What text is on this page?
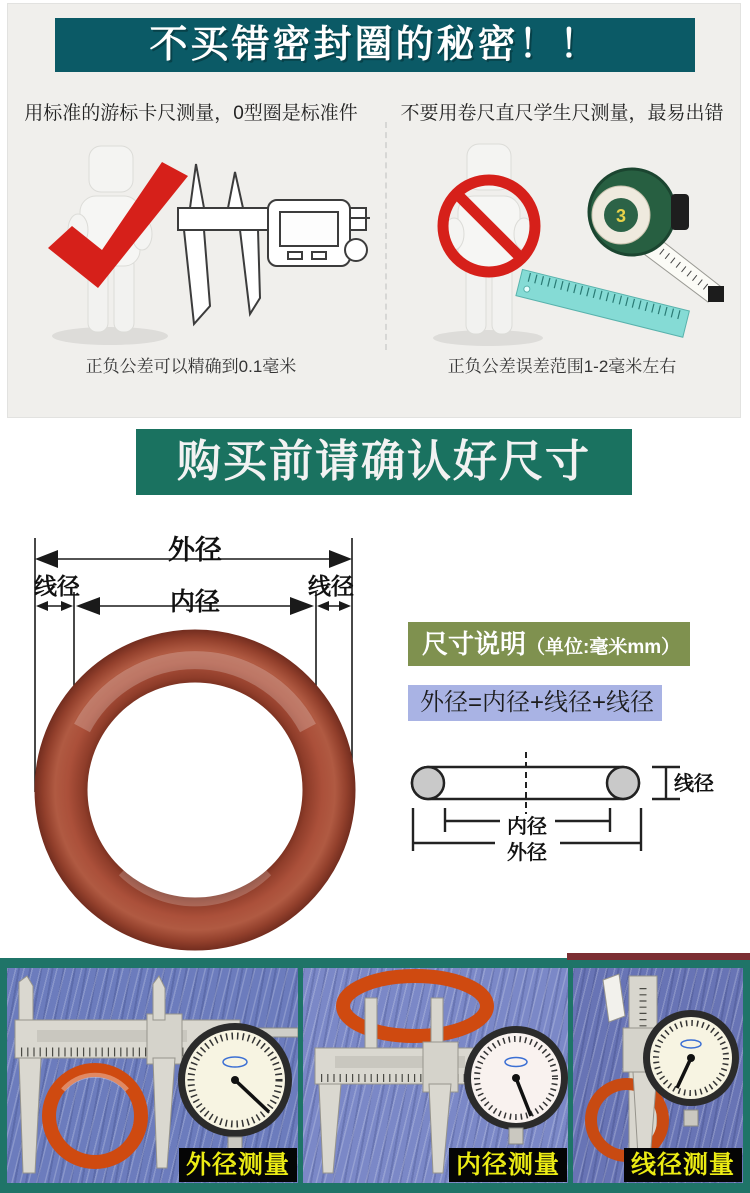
不买错密封圈的秘密！！
用标准的游标卡尺测量，0型圈是标准件	不要用卷尺直尺学生尺测量，最易出错
3
正负公差可以精确到0.1毫米	正负公差误差范围1-2毫米左右
购买前请确认好尺寸
外径
线径	线径
内径
尺寸说明（单位:毫米mm）
外径=内径+线径+线径
线径
内径
外径
外径测量	内径测量	线径测量
